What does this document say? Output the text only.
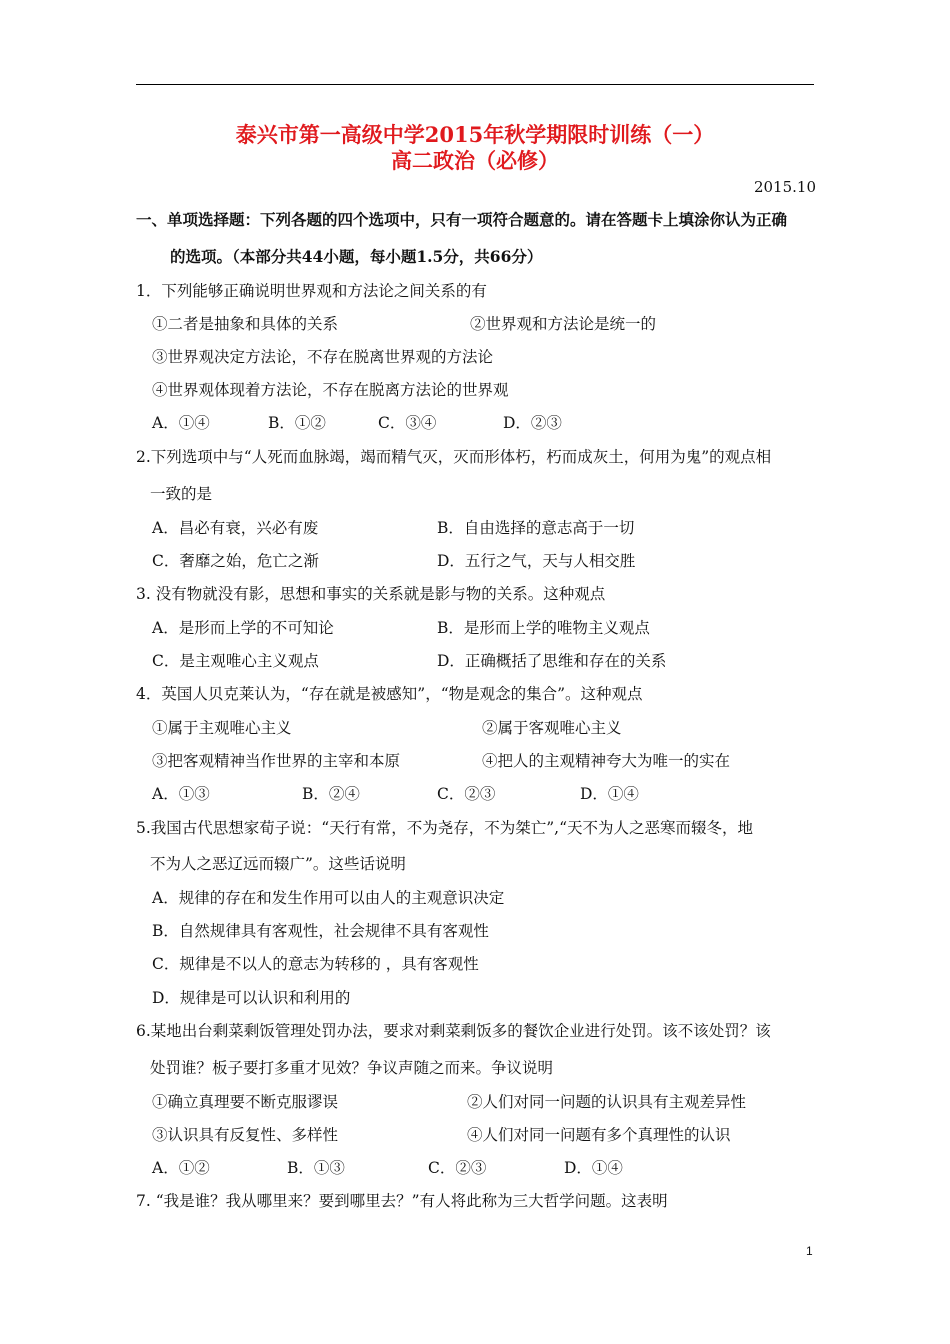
泰兴市第一高级中学2015年秋学期限时训练（一）
高二政治（必修）
2015.10
一、单项选择题：下列各题的四个选项中，只有一项符合题意的。请在答题卡上填涂你认为正确
的选项。（本部分共44小题，每小题1.5分，共66分）
1．下列能够正确说明世界观和方法论之间关系的有
①二者是抽象和具体的关系	②世界观和方法论是统一的
③世界观决定方法论，不存在脱离世界观的方法论
④世界观体现着方法论，不存在脱离方法论的世界观
A．①④	B．①②	C．③④	D．②③
2.下列选项中与“人死而血脉竭，竭而精气灭，灭而形体朽，朽而成灰土，何用为鬼”的观点相
一致的是
A．昌必有衰，兴必有废	B．自由选择的意志高于一切
C．奢靡之始，危亡之渐	D．五行之气，天与人相交胜
3. 没有物就没有影，思想和事实的关系就是影与物的关系。这种观点
A．是形而上学的不可知论	B．是形而上学的唯物主义观点
C．是主观唯心主义观点	D．正确概括了思维和存在的关系
4．英国人贝克莱认为，“存在就是被感知”，“物是观念的集合”。这种观点
①属于主观唯心主义	②属于客观唯心主义
③把客观精神当作世界的主宰和本原	④把人的主观精神夸大为唯一的实在
A．①③	B．②④	C．②③	D．①④
5.我国古代思想家荀子说：“天行有常，不为尧存，不为桀亡”,“天不为人之恶寒而辍冬，地
不为人之恶辽远而辍广”。这些话说明
A．规律的存在和发生作用可以由人的主观意识决定
B．自然规律具有客观性，社会规律不具有客观性
C．规律是不以人的意志为转移的 ，具有客观性
D．规律是可以认识和利用的
6.某地出台剩菜剩饭管理处罚办法，要求对剩菜剩饭多的餐饮企业进行处罚。该不该处罚？该
处罚谁？板子要打多重才见效？争议声随之而来。争议说明
①确立真理要不断克服谬误	②人们对同一问题的认识具有主观差异性
③认识具有反复性、多样性	④人们对同一问题有多个真理性的认识
A．①②	B．①③	C．②③	D．①④
7. “我是谁？我从哪里来？要到哪里去？”有人将此称为三大哲学问题。这表明
1
